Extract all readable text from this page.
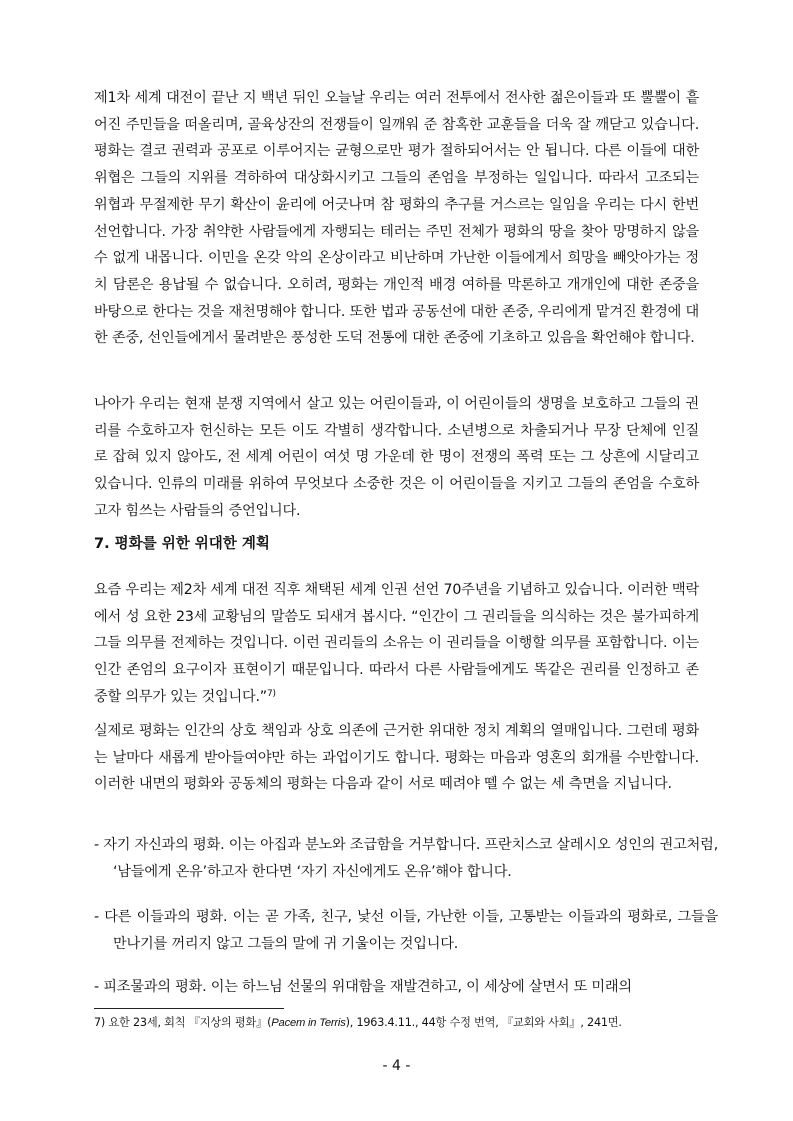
제1차 세계 대전이 끝난 지 백년 뒤인 오늘날 우리는 여러 전투에서 전사한 젊은이들과 또 뿔뿔이 흩어진 주민들을 떠올리며, 골육상잔의 전쟁들이 일깨워 준 참혹한 교훈들을 더욱 잘 깨닫고 있습니다. 평화는 결코 권력과 공포로 이루어지는 균형으로만 평가 절하되어서는 안 됩니다. 다른 이들에 대한 위협은 그들의 지위를 격하하여 대상화시키고 그들의 존엄을 부정하는 일입니다. 따라서 고조되는 위협과 무절제한 무기 확산이 윤리에 어긋나며 참 평화의 추구를 거스르는 일임을 우리는 다시 한번 선언합니다. 가장 취약한 사람들에게 자행되는 테러는 주민 전체가 평화의 땅을 찾아 망명하지 않을 수 없게 내몹니다. 이민을 온갖 악의 온상이라고 비난하며 가난한 이들에게서 희망을 빼앗아가는 정치 담론은 용납될 수 없습니다. 오히려, 평화는 개인적 배경 여하를 막론하고 개개인에 대한 존중을 바탕으로 한다는 것을 재천명해야 합니다. 또한 법과 공동선에 대한 존중, 우리에게 맡겨진 환경에 대한 존중, 선인들에게서 물려받은 풍성한 도덕 전통에 대한 존중에 기초하고 있음을 확언해야 합니다.

나아가 우리는 현재 분쟁 지역에서 살고 있는 어린이들과, 이 어린이들의 생명을 보호하고 그들의 권리를 수호하고자 헌신하는 모든 이도 각별히 생각합니다. 소년병으로 차출되거나 무장 단체에 인질로 잡혀 있지 않아도, 전 세계 어린이 여섯 명 가운데 한 명이 전쟁의 폭력 또는 그 상흔에 시달리고 있습니다. 인류의 미래를 위하여 무엇보다 소중한 것은 이 어린이들을 지키고 그들의 존엄을 수호하고자 힘쓰는 사람들의 증언입니다.

7. 평화를 위한 위대한 계획

요즘 우리는 제2차 세계 대전 직후 채택된 세계 인권 선언 70주년을 기념하고 있습니다. 이러한 맥락에서 성 요한 23세 교황님의 말씀도 되새겨 봅시다. “인간이 그 권리들을 의식하는 것은 불가피하게 그들 의무를 전제하는 것입니다. 이런 권리들의 소유는 이 권리들을 이행할 의무를 포함합니다. 이는 인간 존엄의 요구이자 표현이기 때문입니다. 따라서 다른 사람들에게도 똑같은 권리를 인정하고 존중할 의무가 있는 것입니다.”$^{7)}$

실제로 평화는 인간의 상호 책임과 상호 의존에 근거한 위대한 정치 계획의 열매입니다. 그런데 평화는 날마다 새롭게 받아들여야만 하는 과업이기도 합니다. 평화는 마음과 영혼의 회개를 수반합니다. 이러한 내면의 평화와 공동체의 평화는 다음과 같이 서로 떼려야 뗄 수 없는 세 측면을 지닙니다.

- 자기 자신과의 평화. 이는 아집과 분노와 조급함을 거부합니다. 프란치스코 살레시오 성인의 권고처럼, ‘남들에게 온유’하고자 한다면 ‘자기 자신에게도 온유’해야 합니다.

- 다른 이들과의 평화. 이는 곧 가족, 친구, 낯선 이들, 가난한 이들, 고통받는 이들과의 평화로, 그들을 만나기를 꺼리지 않고 그들의 말에 귀 기울이는 것입니다.

- 피조물과의 평화. 이는 하느님 선물의 위대함을 재발견하고, 이 세상에 살면서 또 미래의

7) 요한 23세, 회칙 『지상의 평화』(Pacem in Terris), 1963.4.11., 44항 수정 번역, 『교회와 사회』, 241면.

- 4 -
